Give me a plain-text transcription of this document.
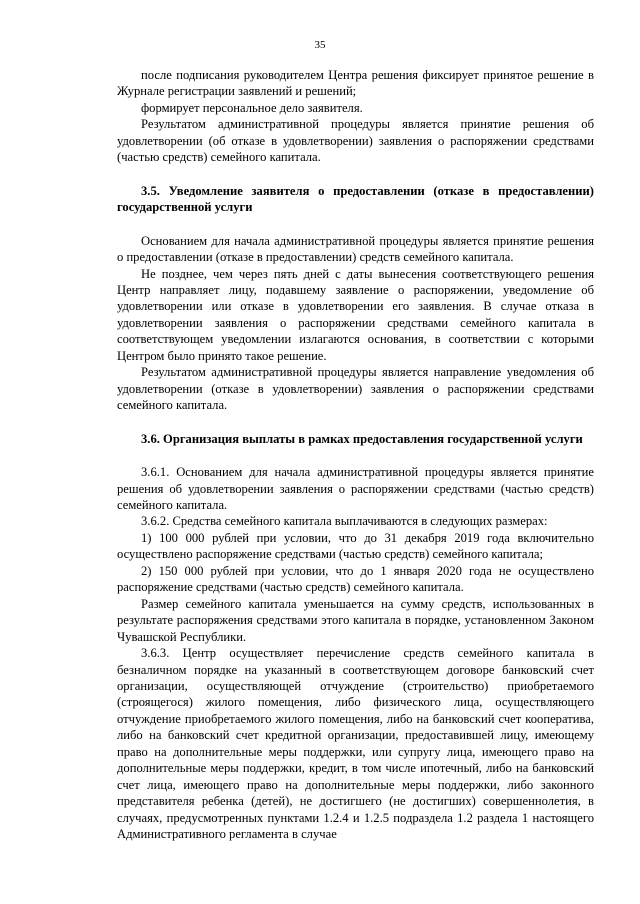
35

после подписания руководителем Центра решения фиксирует принятое решение в Журнале регистрации заявлений и решений;

формирует персональное дело заявителя.

Результатом административной процедуры является принятие решения об удовлетворении (об отказе в удовлетворении) заявления о распоряжении средствами (частью средств) семейного капитала.

3.5. Уведомление заявителя о предоставлении (отказе в предоставлении) государственной услуги

Основанием для начала административной процедуры является принятие решения о предоставлении (отказе в предоставлении) средств семейного капитала.

Не позднее, чем через пять дней с даты вынесения соответствующего решения Центр направляет лицу, подавшему заявление о распоряжении, уведомление об удовлетворении или отказе в удовлетворении его заявления. В случае отказа в удовлетворении заявления о распоряжении средствами семейного капитала в соответствующем уведомлении излагаются основания, в соответствии с которыми Центром было принято такое решение.

Результатом административной процедуры является направление уведомления об удовлетворении (отказе в удовлетворении) заявления о распоряжении средствами семейного капитала.

3.6. Организация выплаты в рамках предоставления государственной услуги

3.6.1. Основанием для начала административной процедуры является принятие решения об удовлетворении заявления о распоряжении средствами (частью средств) семейного капитала.

3.6.2. Средства семейного капитала выплачиваются в следующих размерах:

1) 100 000 рублей при условии, что до 31 декабря 2019 года включительно осуществлено распоряжение средствами (частью средств) семейного капитала;

2) 150 000 рублей при условии, что до 1 января 2020 года не осуществлено распоряжение средствами (частью средств) семейного капитала.

Размер семейного капитала уменьшается на сумму средств, использованных в результате распоряжения средствами этого капитала в порядке, установленном Законом Чувашской Республики.

3.6.3. Центр осуществляет перечисление средств семейного капитала в безналичном порядке на указанный в соответствующем договоре банковский счет организации, осуществляющей отчуждение (строительство) приобретаемого (строящегося) жилого помещения, либо физического лица, осуществляющего отчуждение приобретаемого жилого помещения, либо на банковский счет кооператива, либо на банковский счет кредитной организации, предоставившей лицу, имеющему право на дополнительные меры поддержки, или супругу лица, имеющего право на дополнительные меры поддержки, кредит, в том числе ипотечный, либо на банковский счет лица, имеющего право на дополнительные меры поддержки, либо законного представителя ребенка (детей), не достигшего (не достигших) совершеннолетия, в случаях, предусмотренных пунктами 1.2.4 и 1.2.5 подраздела 1.2 раздела 1 настоящего Административного регламента в случае
